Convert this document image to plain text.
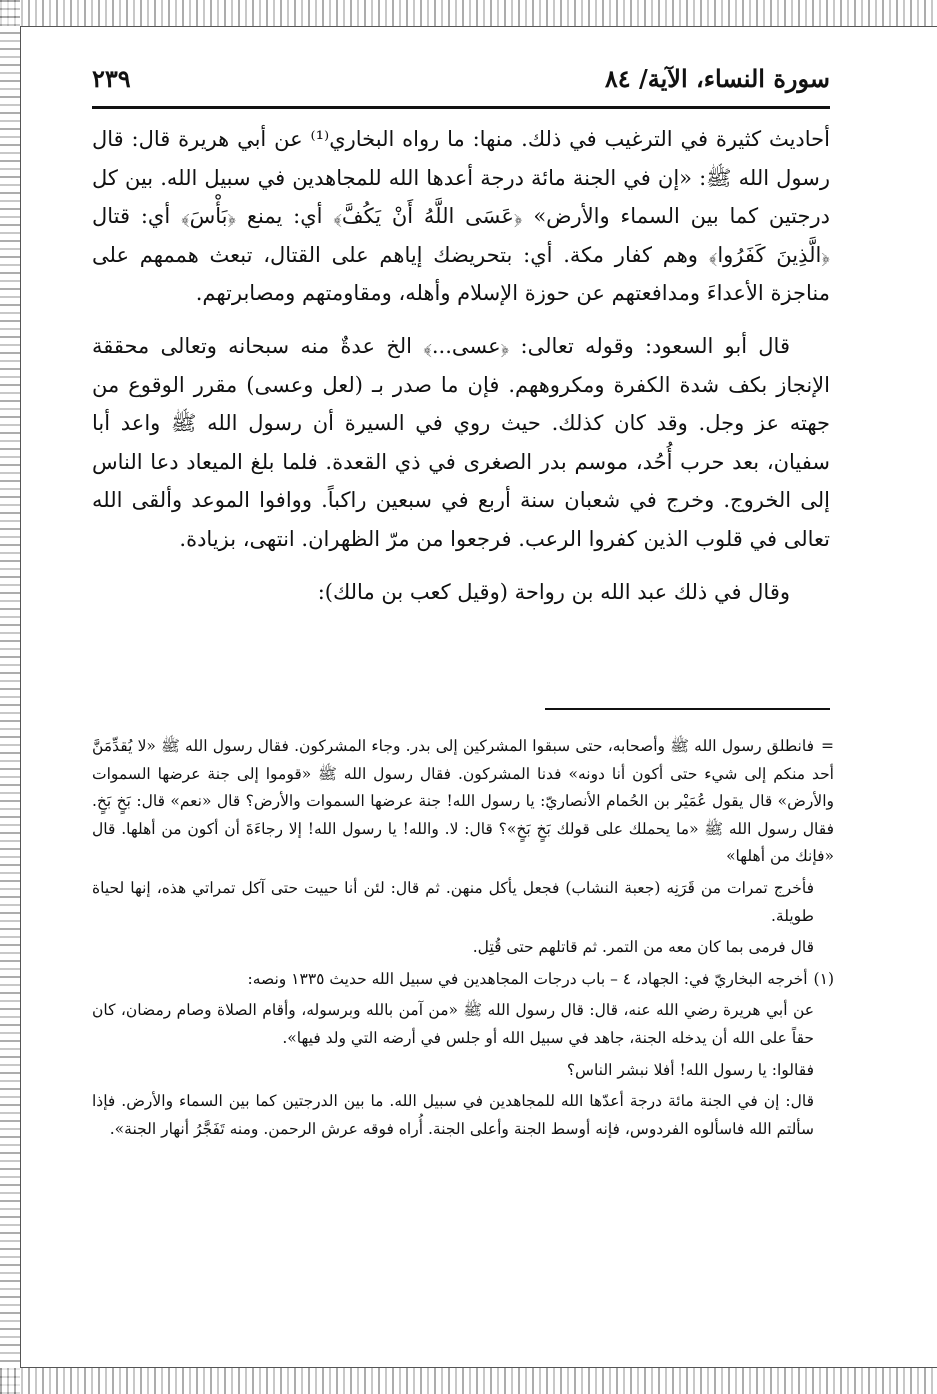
سورة النساء، الآية/ ٨٤
٢٣٩

أحاديث كثيرة في الترغيب في ذلك. منها: ما رواه البخاري⁽¹⁾ عن أبي هريرة قال: قال رسول الله ﷺ: «إن في الجنة مائة درجة أعدها الله للمجاهدين في سبيل الله. بين كل درجتين كما بين السماء والأرض» ﴿عَسَى اللَّهُ أَنْ يَكُفَّ﴾ أي: يمنع ﴿بَأْسَ﴾ أي: قتال ﴿الَّذِينَ كَفَرُوا﴾ وهم كفار مكة. أي: بتحريضك إياهم على القتال، تبعث هممهم على مناجزة الأعداءَ ومدافعتهم عن حوزة الإسلام وأهله، ومقاومتهم ومصابرتهم.

قال أبو السعود: وقوله تعالى: ﴿عسى...﴾ الخ عدةٌ منه سبحانه وتعالى محققة الإنجاز بكف شدة الكفرة ومكروههم. فإن ما صدر بـ (لعل وعسى) مقرر الوقوع من جهته عز وجل. وقد كان كذلك. حيث روي في السيرة أن رسول الله ﷺ واعد أبا سفيان، بعد حرب أُحُد، موسم بدر الصغرى في ذي القعدة. فلما بلغ الميعاد دعا الناس إلى الخروج. وخرج في شعبان سنة أربع في سبعين راكباً. ووافوا الموعد وألقى الله تعالى في قلوب الذين كفروا الرعب. فرجعوا من مرّ الظهران. انتهى، بزيادة.

وقال في ذلك عبد الله بن رواحة (وقيل كعب بن مالك):

=فانطلق رسول الله ﷺ وأصحابه، حتى سبقوا المشركين إلى بدر. وجاء المشركون. فقال رسول الله ﷺ «لا يُقدِّمَنَّ أحد منكم إلى شيء حتى أكون أنا دونه» فدنا المشركون. فقال رسول الله ﷺ «قوموا إلى جنة عرضها السموات والأرض» قال يقول عُمَيْر بن الحُمام الأنصاريّ: يا رسول الله! جنة عرضها السموات والأرض؟ قال «نعم» قال: بَخٍ بَخٍ. فقال رسول الله ﷺ «ما يحملك على قولك بَخٍ بَخٍ»؟ قال: لا. والله! يا رسول الله! إلا رجاءَةَ أن أكون من أهلها. قال «فإنك من أهلها»

فأخرج تمرات من قَرَنِه (جعبة النشاب) فجعل يأكل منهن. ثم قال: لئن أنا حييت حتى آكل تمراتي هذه، إنها لحياة طويلة.

قال فرمى بما كان معه من التمر. ثم قاتلهم حتى قُتِل.

(١)أخرجه البخاريّ في: الجهاد، ٤ – باب درجات المجاهدين في سبيل الله حديث ١٣٣٥ ونصه:

عن أبي هريرة رضي الله عنه، قال: قال رسول الله ﷺ «من آمن بالله وبرسوله، وأقام الصلاة وصام رمضان، كان حقاً على الله أن يدخله الجنة، جاهد في سبيل الله أو جلس في أرضه التي ولد فيها».

فقالوا: يا رسول الله! أفلا نبشر الناس؟

قال: إن في الجنة مائة درجة أعدّها الله للمجاهدين في سبيل الله. ما بين الدرجتين كما بين السماء والأرض. فإذا سألتم الله فاسألوه الفردوس، فإنه أوسط الجنة وأعلى الجنة. أُراه فوقه عرش الرحمن. ومنه تَفَجَّرُ أنهار الجنة».
